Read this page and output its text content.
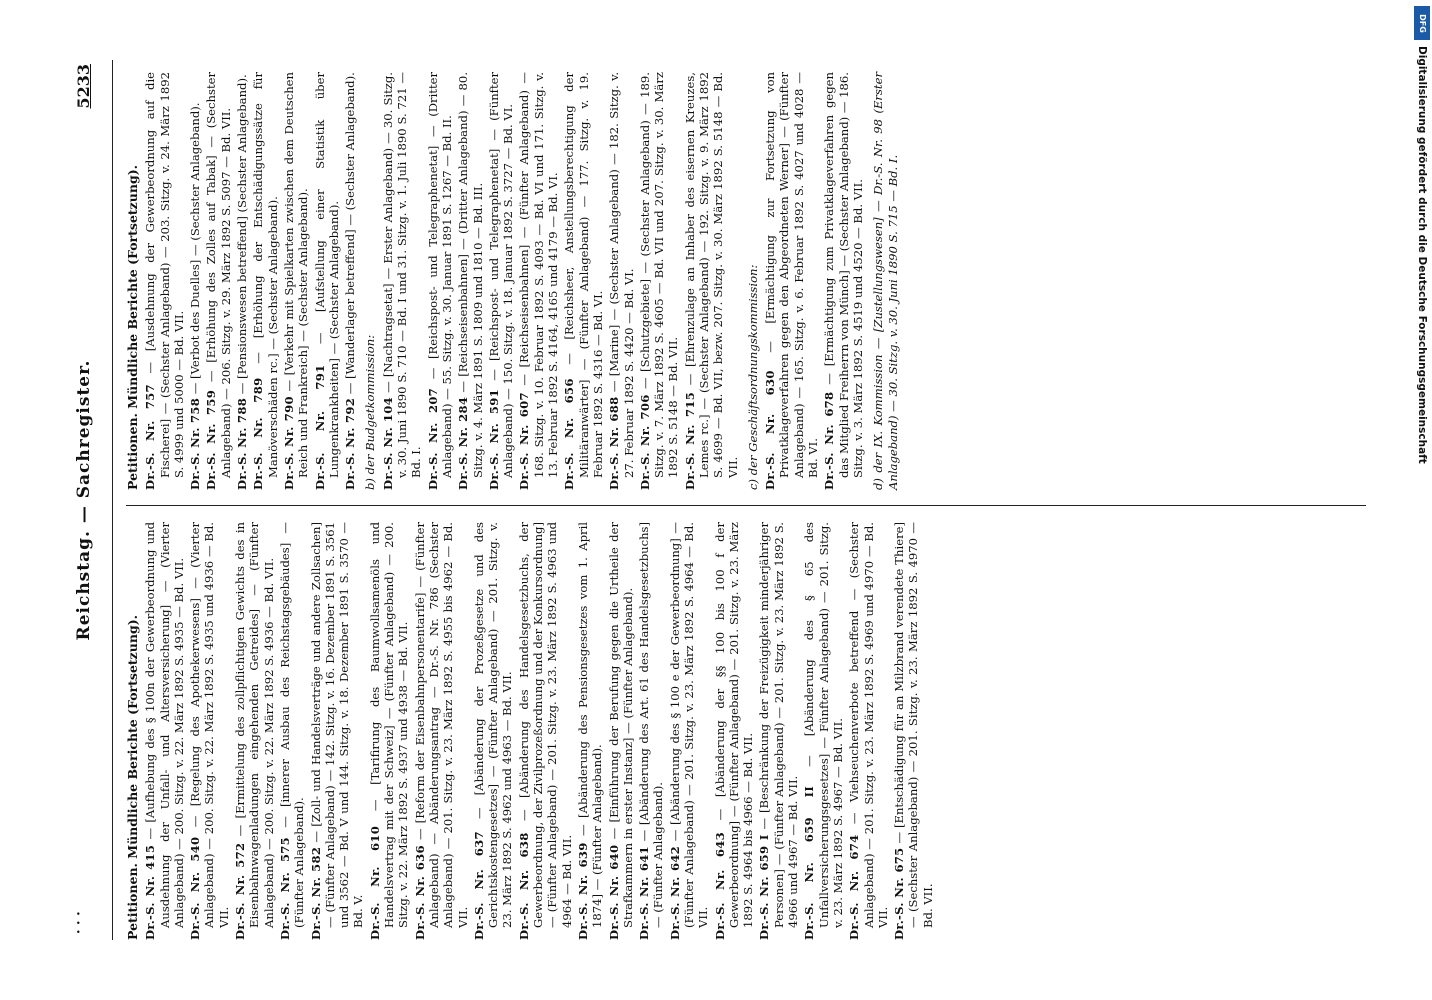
· · ·
Reichstag. — Sachregister.
5233
Petitionen. Mündliche Berichte (Fortsetzung). Dr.-S. Nr. 415 — [Aufhebung des § 100n der Gewerbeordnung und Ausdehnung der Unfall- und Altersversicherung] — (Vierter Anlageband) — 200. Sitzg. v. 22. März 1892 S. 4935 — Bd. VII. Dr.-S. Nr. 540 — [Regelung des Apothekerwesens] — (Vierter Anlageband) — 200. Sitzg. v. 22. März 1892 S. 4935 und 4936 — Bd. VII. Dr.-S. Nr. 572 — [Ermittelung des zollpflichtigen Gewichts des in Eisenbahnwagenladungen eingehenden Getreides] — (Fünfter Anlageband) — 200. Sitzg. v. 22. März 1892 S. 4936 — Bd. VII. Dr.-S. Nr. 575 — [innerer Ausbau des Reichstagsgebäudes] — (Fünfter Anlageband). Dr.-S. Nr. 582 — [Zoll- und Handelsverträge und andere Zollsachen] — (Fünfter Anlageband) — 142. Sitzg. v. 16. Dezember 1891 S. 3561 und 3562 — Bd. V und 144. Sitzg. v. 18. Dezember 1891 S. 3570 — Bd. V. Dr.-S. Nr. 610 — [Tarifirung des Baumwollsamenöls und Handelsvertrag mit der Schweiz] — (Fünfter Anlageband) — 200. Sitzg. v. 22. März 1892 S. 4937 und 4938 — Bd. VII. Dr.-S. Nr. 636 — [Reform der Eisenbahnpersonentarife] — (Fünfter Anlageband) — Abänderungsantrag — Dr.-S. Nr. 786 (Sechster Anlageband) — 201. Sitzg. v. 23. März 1892 S. 4955 bis 4962 — Bd. VII. Dr.-S. Nr. 637 — [Abänderung der Prozeßgesetze und des Gerichtskostengesetzes] — (Fünfter Anlageband) — 201. Sitzg. v. 23. März 1892 S. 4962 und 4963 — Bd. VII. Dr.-S. Nr. 638 — [Abänderung des Handelsgesetzbuchs, der Gewerbeordnung, der Zivilprozeßordnung und der Konkursordnung] — (Fünfter Anlageband) — 201. Sitzg. v. 23. März 1892 S. 4963 und 4964 — Bd. VII. Dr.-S. Nr. 639 — [Abänderung des Pensionsgesetzes vom 1. April 1874] — (Fünfter Anlageband). Dr.-S. Nr. 640 — [Einführung der Berufung gegen die Urtheile der Strafkammern in erster Instanz] — (Fünfter Anlageband). Dr.-S. Nr. 641 — [Abänderung des Art. 61 des Handelsgesetzbuchs] — (Fünfter Anlageband). Dr.-S. Nr. 642 — [Abänderung des § 100 e der Gewerbeordnung] — (Fünfter Anlageband) — 201. Sitzg. v. 23. März 1892 S. 4964 — Bd. VII. Dr.-S. Nr. 643 — [Abänderung der §§ 100 bis 100 f der Gewerbeordnung] — (Fünfter Anlageband) — 201. Sitzg. v. 23. März 1892 S. 4964 bis 4966 — Bd. VII. Dr.-S. Nr. 659 I — [Beschränkung der Freizügigkeit minderjähriger Personen] — (Fünfter Anlageband) — 201. Sitzg. v. 23. März 1892 S. 4966 und 4967 — Bd. VII. Dr.-S. Nr. 659 II — [Abänderung des § 65 des Unfallversicherungsgesetzes] — Fünfter Anlageband) — 201. Sitzg. v. 23. März 1892 S. 4967 — Bd. VII. Dr.-S. Nr. 674 — Viehseuchenverbote betreffend — (Sechster Anlageband) — 201. Sitzg. v. 23. März 1892 S. 4969 und 4970 — Bd. VII. Dr.-S. Nr. 675 — [Entschädigung für an Milzbrand verendete Thiere] — (Sechster Anlageband) — 201. Sitzg. v. 23. März 1892 S. 4970 — Bd. VII.
Petitionen. Mündliche Berichte (Fortsetzung). Dr.-S. Nr. 757 — [Ausdehnung der Gewerbeordnung auf die Fischerei] — (Sechster Anlageband) — 203. Sitzg. v. 24. März 1892 S. 4999 und 5000 — Bd. VII. Dr.-S. Nr. 758 — [Verbot des Duelles] — (Sechster Anlageband).
Dr.-S. Nr. 759 — [Erhöhung des Zolles auf Tabak] — (Sechster Anlageband) — 206. Sitzg. v. 29. März 1892 S. 5097 — Bd. VII. Dr.-S. Nr. 788 — [Pensionswesen betreffend] (Sechster Anlageband).
Dr.-S. Nr. 789 — [Erhöhung der Entschädigungssätze für Manöverschäden rc.] — (Sechster Anlageband). Dr.-S. Nr. 790 — [Verkehr mit Spielkarten zwischen dem Deutschen Reich und Frankreich] — (Sechster Anlageband). Dr.-S. Nr. 791 — [Aufstellung einer Statistik über Lungenkrankheiten] — (Sechster Anlageband). Dr.-S. Nr. 792 — [Wanderlager betreffend] — (Sechster Anlageband).
b) der Budgetkommission: Dr.-S. Nr. 104 — [Nachtragsetat] — Erster Anlageband) — 30. Sitzg. v. 30. Juni 1890 S. 710 — Bd. I und 31. Sitzg. v. 1. Juli 1890 S. 721 — Bd. I. Dr.-S. Nr. 207 — [Reichspost- und Telegraphenetat] — (Dritter Anlageband) — 55. Sitzg. v. 30. Januar 1891 S. 1267 — Bd. II. Dr.-S. Nr. 284 — [Reichseisenbahnen] — (Dritter Anlageband) — 80. Sitzg. v. 4. März 1891 S. 1809 und 1810 — Bd. III. Dr.-S. Nr. 591 — [Reichspost- und Telegraphenetat] — (Fünfter Anlageband) — 150. Sitzg. v. 18. Januar 1892 S. 3727 — Bd. VI. Dr.-S. Nr. 607 — [Reichseisenbahnen] — (Fünfter Anlageband) — 168. Sitzg. v. 10. Februar 1892 S. 4093 — Bd. VI und 171. Sitzg. v. 13. Februar 1892 S. 4164, 4165 und 4179 — Bd. VI. Dr.-S. Nr. 656 — [Reichsheer, Anstellungsberechtigung der Militäranwärter] — (Fünfter Anlageband) — 177. Sitzg. v. 19. Februar 1892 S. 4316 — Bd. VI. Dr.-S. Nr. 688 — [Marine] — (Sechster Anlageband) — 182. Sitzg. v. 27. Februar 1892 S. 4420 — Bd. VI. Dr.-S. Nr. 706 — [Schutzgebiete] — (Sechster Anlageband) — 189. Sitzg. v. 7. März 1892 S. 4605 — Bd. VII und 207. Sitzg. v. 30. März 1892 S. 5148 — Bd. VII. Dr.-S. Nr. 715 — [Ehrenzulage an Inhaber des eisernen Kreuzes, Lemes rc.] — (Sechster Anlageband) — 192. Sitzg. v. 9. März 1892 S. 4699 — Bd. VII, bezw. 207. Sitzg. v. 30. März 1892 S. 5148 — Bd. VII. c) der Geschäftsordnungskommission: Dr.-S. Nr. 630 — [Ermächtigung zur Fortsetzung von Privatklageverfahren gegen den Abgeordneten Werner] — (Fünfter Anlageband) — 165. Sitzg. v. 6. Februar 1892 S. 4027 und 4028 — Bd. VI. Dr.-S. Nr. 678 — [Ermächtigung zum Privatklageverfahren gegen das Mitglied Freiherrn von Münch] — (Sechster Anlageband) — 186. Sitzg. v. 3. März 1892 S. 4519 und 4520 — Bd. VII. d) der IX. Kommission — [Zustellungswesen] — Dr.-S. Nr. 98 (Erster Anlageband) — 30. Sitzg. v. 30. Juni 1890 S. 715 — Bd. I.
DFG
Digitalisierung gefördert durch die Deutsche Forschungsgemeinschaft
